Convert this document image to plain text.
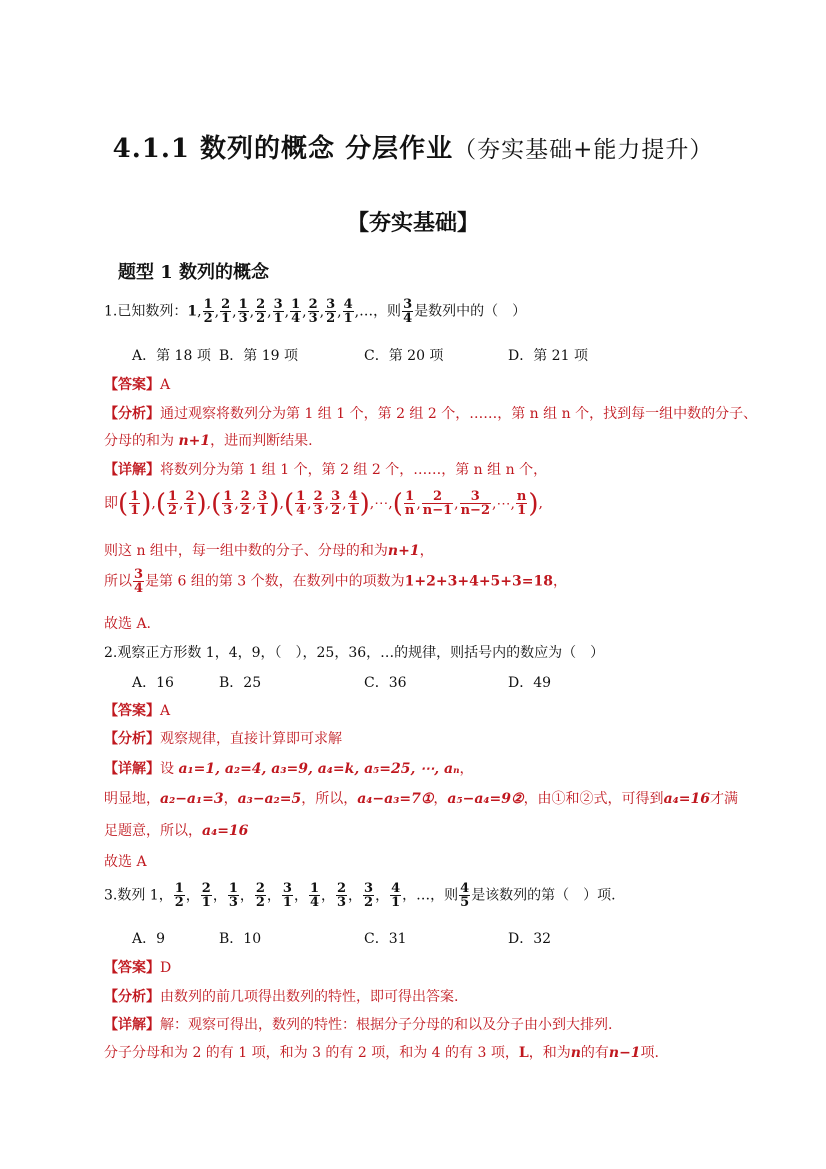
4.1.1 数列的概念 分层作业（夯实基础+能力提升）
【夯实基础】
题型 1 数列的概念
1.已知数列：1, $\frac{1}{2}$ , $\frac{2}{1}$ , $\frac{1}{3}$ , $\frac{2}{2}$ , $\frac{3}{1}$ , $\frac{1}{4}$ , $\frac{2}{3}$ , $\frac{3}{2}$ , $\frac{4}{1}$ ,…，则 $\frac{3}{4}$ 是数列中的（　）
A．第 18 项 B．第 19 项	C．第 20 项	D．第 21 项
【答案】A
【分析】通过观察将数列分为第 1 组 1 个，第 2 组 2 个，……，第 n 组 n 个，找到每一组中数的分子、
分母的和为 n+1，进而判断结果.
【详解】将数列分为第 1 组 1 个，第 2 组 2 个，……，第 n 组 n 个，
即( $\frac{1}{1}$ ),( $\frac{1}{2}$ , $\frac{2}{1}$ ),( $\frac{1}{3}$ , $\frac{2}{2}$ , $\frac{3}{1}$ ),( $\frac{1}{4}$ , $\frac{2}{3}$ , $\frac{3}{2}$ , $\frac{4}{1}$ ),⋯,( $\frac{1}{n}$ , $\frac{2}{n-1}$ , $\frac{3}{n-2}$ ,⋯, $\frac{n}{1}$ ),
则这 n 组中，每一组中数的分子、分母的和为n+1，
所以 $\frac{3}{4}$ 是第 6 组的第 3 个数，在数列中的项数为1+2+3+4+5+3=18，
故选 A.
2.观察正方形数 1，4，9，（　），25，36，…的规律，则括号内的数应为（　）
A．16	B．25	C．36	D．49
【答案】A
【分析】观察规律，直接计算即可求解
【详解】设 a₁=1, a₂=4, a₃=9, a₄=k, a₅=25, ⋯, aₙ，
明显地，a₂−a₁=3，a₃−a₂=5，所以，a₄−a₃=7①，a₅−a₄=9②，由①和②式，可得到a₄=16才满
足题意，所以，a₄=16
故选 A
3.数列 1， $\frac{1}{2}$ ， $\frac{2}{1}$ ， $\frac{1}{3}$ ， $\frac{2}{2}$ ， $\frac{3}{1}$ ， $\frac{1}{4}$ ， $\frac{2}{3}$ ， $\frac{3}{2}$ ， $\frac{4}{1}$ ，…，则 $\frac{4}{5}$ 是该数列的第（　）项.
A．9	B．10	C．31	D．32
【答案】D
【分析】由数列的前几项得出数列的特性，即可得出答案.
【详解】解：观察可得出，数列的特性：根据分子分母的和以及分子由小到大排列.
分子分母和为 2 的有 1 项，和为 3 的有 2 项，和为 4 的有 3 项，L，和为n的有n−1项.
